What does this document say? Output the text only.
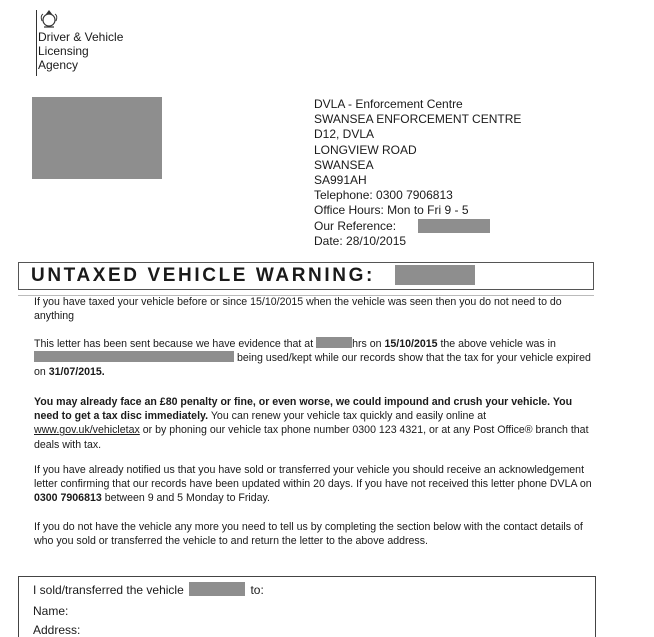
Driver & Vehicle
Licensing
Agency
DVLA - Enforcement Centre
SWANSEA ENFORCEMENT CENTRE
D12, DVLA
LONGVIEW ROAD
SWANSEA
SA991AH
Telephone: 0300 7906813
Office Hours: Mon to Fri 9 - 5
Our Reference:
Date: 28/10/2015
UNTAXED VEHICLE WARNING:
If you have taxed your vehicle before or since 15/10/2015 when the vehicle was seen then you do not need to do anything
This letter has been sent because we have evidence that at	hrs on 15/10/2015 the above vehicle was in  being used/kept while our records show that the tax for your vehicle expired on 31/07/2015.
You may already face an £80 penalty or fine, or even worse, we could impound and crush your vehicle. You need to get a tax disc immediately. You can renew your vehicle tax quickly and easily online at www.gov.uk/vehicletax or by phoning our vehicle tax phone number 0300 123 4321, or at any Post Office® branch that deals with tax.
If you have already notified us that you have sold or transferred your vehicle you should receive an acknowledgement letter confirming that our records have been updated within 20 days. If you have not received this letter phone DVLA on 0300 7906813 between 9 and 5 Monday to Friday.
If you do not have the vehicle any more you need to tell us by completing the section below with the contact details of who you sold or transferred the vehicle to and return the letter to the above address.
I sold/transferred the vehicle	to:
Name:
Address:
